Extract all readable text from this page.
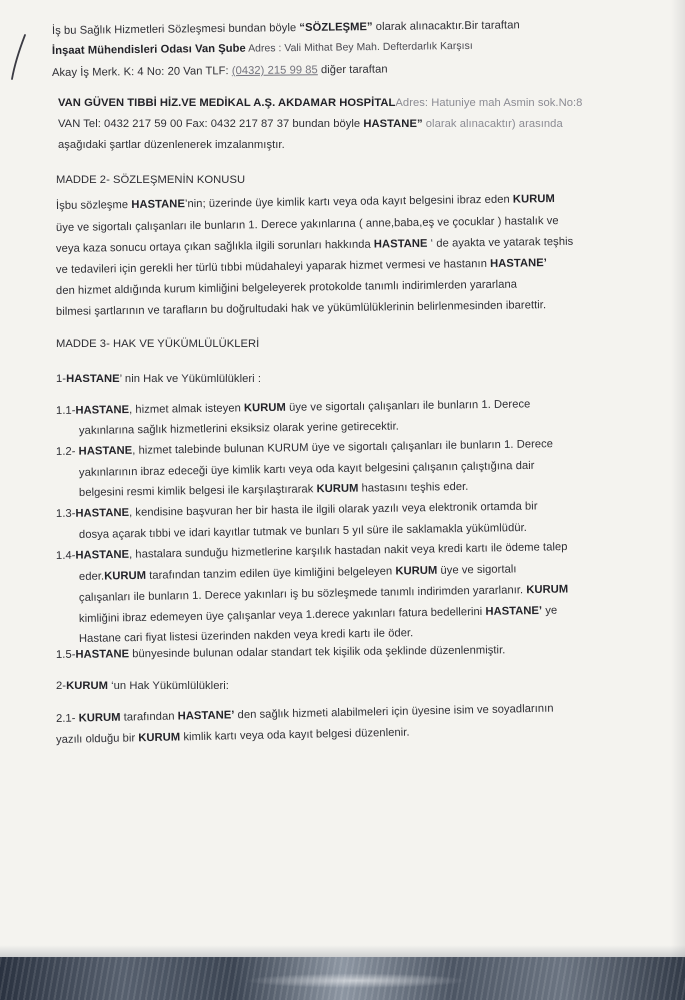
İş bu Sağlık Hizmetleri Sözleşmesi bundan böyle “SÖZLEŞME” olarak alınacaktır.Bir taraftan
İnşaat Mühendisleri Odası Van Şube Adres : Vali Mithat Bey Mah. Defterdarlık Karşısı
Akay İş Merk. K: 4 No: 20 Van TLF: (0432) 215 99 85 diğer taraftan
VAN GÜVEN TIBBİ HİZ.VE MEDİKAL A.Ş. AKDAMAR HOSPİTALAdres: Hatuniye mah Asmin sok.No:8
VAN Tel: 0432 217 59 00 Fax: 0432 217 87 37 bundan böyle HASTANE” olarak alınacaktır) arasında
aşağıdaki şartlar düzenlenerek imzalanmıştır.
MADDE 2- SÖZLEŞMENİN KONUSU
İşbu sözleşme HASTANE’nin; üzerinde üye kimlik kartı veya oda kayıt belgesini ibraz eden KURUM
üye ve sigortalı çalışanları ile bunların 1. Derece yakınlarına ( anne,baba,eş ve çocuklar ) hastalık ve
veya kaza sonucu ortaya çıkan sağlıkla ilgili sorunları hakkında HASTANE ‘ de ayakta ve yatarak teşhis
ve tedavileri için gerekli her türlü tıbbi müdahaleyi yaparak hizmet vermesi ve hastanın HASTANE’
den hizmet aldığında kurum kimliğini belgeleyerek protokolde tanımlı indirimlerden yararlana
bilmesi şartlarının ve tarafların bu doğrultudaki hak ve yükümlülüklerinin belirlenmesinden ibarettir.
MADDE 3- HAK VE YÜKÜMLÜLÜKLERİ
1-HASTANE’ nin Hak ve Yükümlülükleri :
1.1-HASTANE, hizmet almak isteyen KURUM üye ve sigortalı çalışanları ile bunların 1. Derece
yakınlarına sağlık hizmetlerini eksiksiz olarak yerine getirecektir.
1.2- HASTANE, hizmet talebinde bulunan KURUM üye ve sigortalı çalışanları ile bunların 1. Derece
yakınlarının ibraz edeceği üye kimlik kartı veya oda kayıt belgesini çalışanın çalıştığına dair
belgesini resmi kimlik belgesi ile karşılaştırarak KURUM hastasını teşhis eder.
1.3-HASTANE, kendisine başvuran her bir hasta ile ilgili olarak yazılı veya elektronik ortamda bir
dosya açarak tıbbi ve idari kayıtlar tutmak ve bunları 5 yıl süre ile saklamakla yükümlüdür.
1.4-HASTANE, hastalara sunduğu hizmetlerine karşılık hastadan nakit veya kredi kartı ile ödeme talep
eder.KURUM tarafından tanzim edilen üye kimliğini belgeleyen KURUM üye ve sigortalı
çalışanları ile bunların 1. Derece yakınları iş bu sözleşmede tanımlı indirimden yararlanır. KURUM
kimliğini ibraz edemeyen üye çalışanlar veya 1.derece yakınları fatura bedellerini HASTANE’ ye
Hastane cari fiyat listesi üzerinden nakden veya kredi kartı ile öder.
1.5-HASTANE bünyesinde bulunan odalar standart tek kişilik oda şeklinde düzenlenmiştir.
2-KURUM ‘un Hak Yükümlülükleri:
2.1- KURUM tarafından HASTANE’ den sağlık hizmeti alabilmeleri için üyesine isim ve soyadlarının
yazılı olduğu bir KURUM kimlik kartı veya oda kayıt belgesi düzenlenir.
